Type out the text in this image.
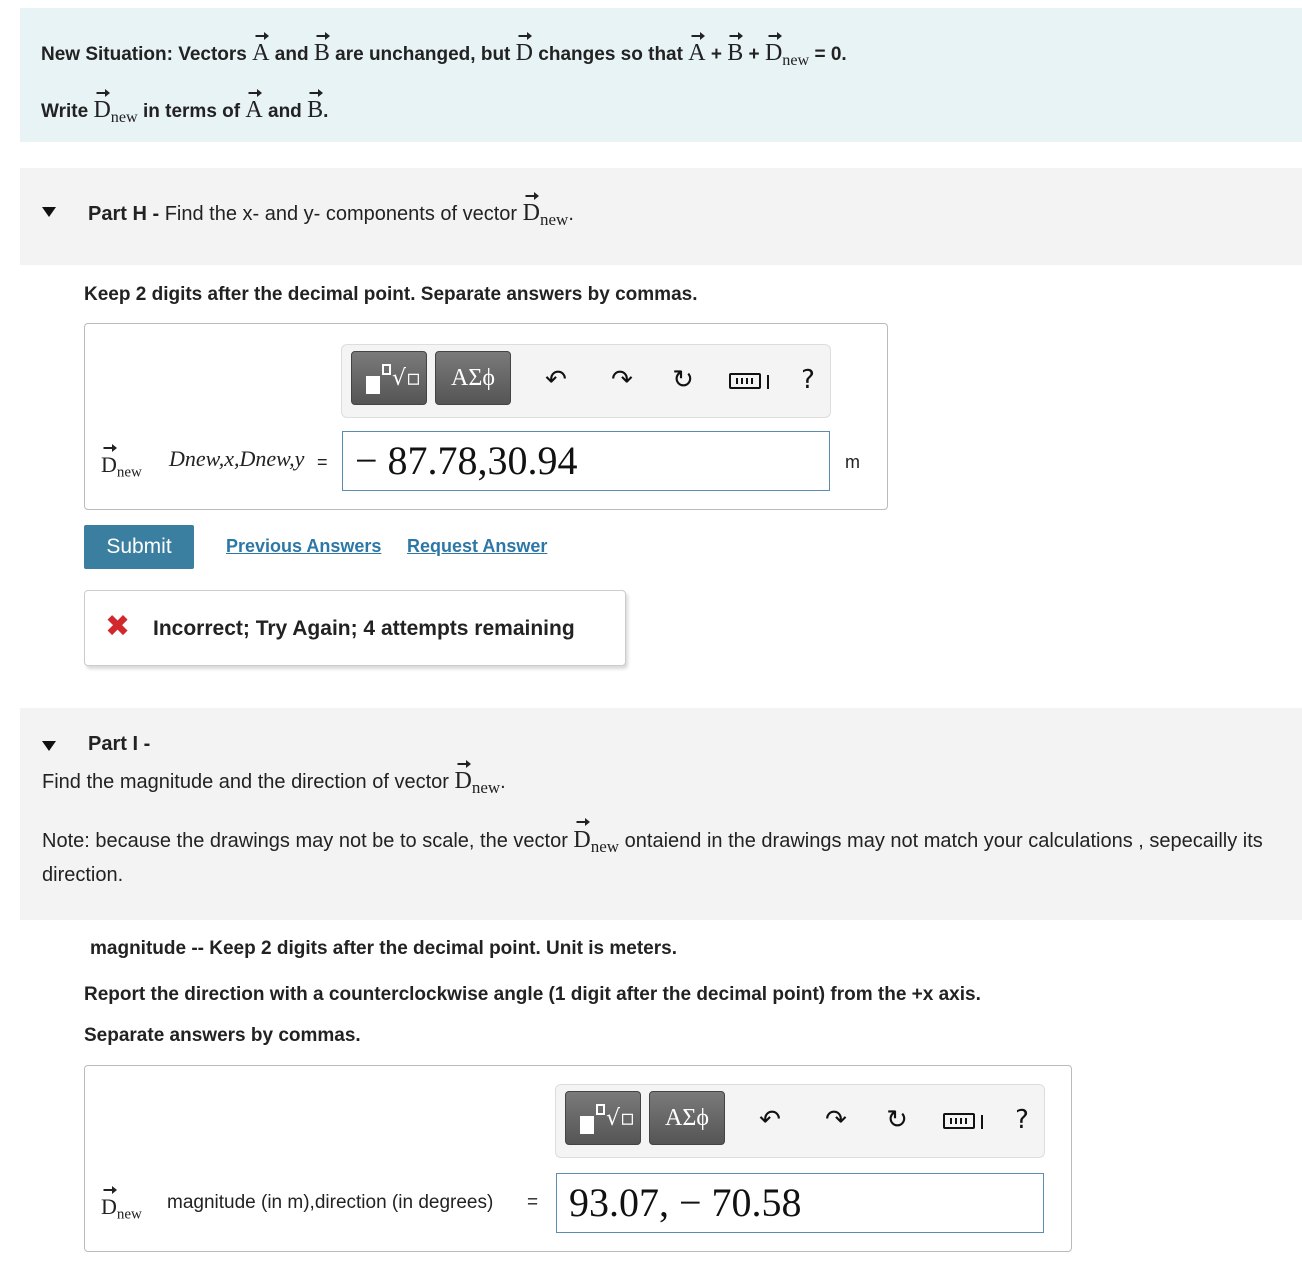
New Situation: Vectors A and B are unchanged, but D changes so that $A + B + D_{new} = 0$.
Write $D_{new}$ in terms of A and B.
Part H - Find the x- and y- components of vector $D_{new}$.
Keep 2 digits after the decimal point. Separate answers by commas.
√▫	ΑΣϕ	↶ ↷ ↻	?
$D_{new}$
Dnew,x,Dnew,y = − 87.78,30.94	m
Submit	Previous Answers Request Answer
✖ Incorrect; Try Again; 4 attempts remaining
Part I -
Find the magnitude and the direction of vector $D_{new}$.
Note: because the drawings may not be to scale, the vector $D_{new}$ ontaiend in the drawings may not match your calculations , sepecailly its direction.
magnitude -- Keep 2 digits after the decimal point. Unit is meters.
Report the direction with a counterclockwise angle (1 digit after the decimal point) from the +x axis.
Separate answers by commas.
√▫	ΑΣϕ	↶ ↷ ↻	?
$D_{new}$
magnitude (in m),direction (in degrees) = 93.07, − 70.58
